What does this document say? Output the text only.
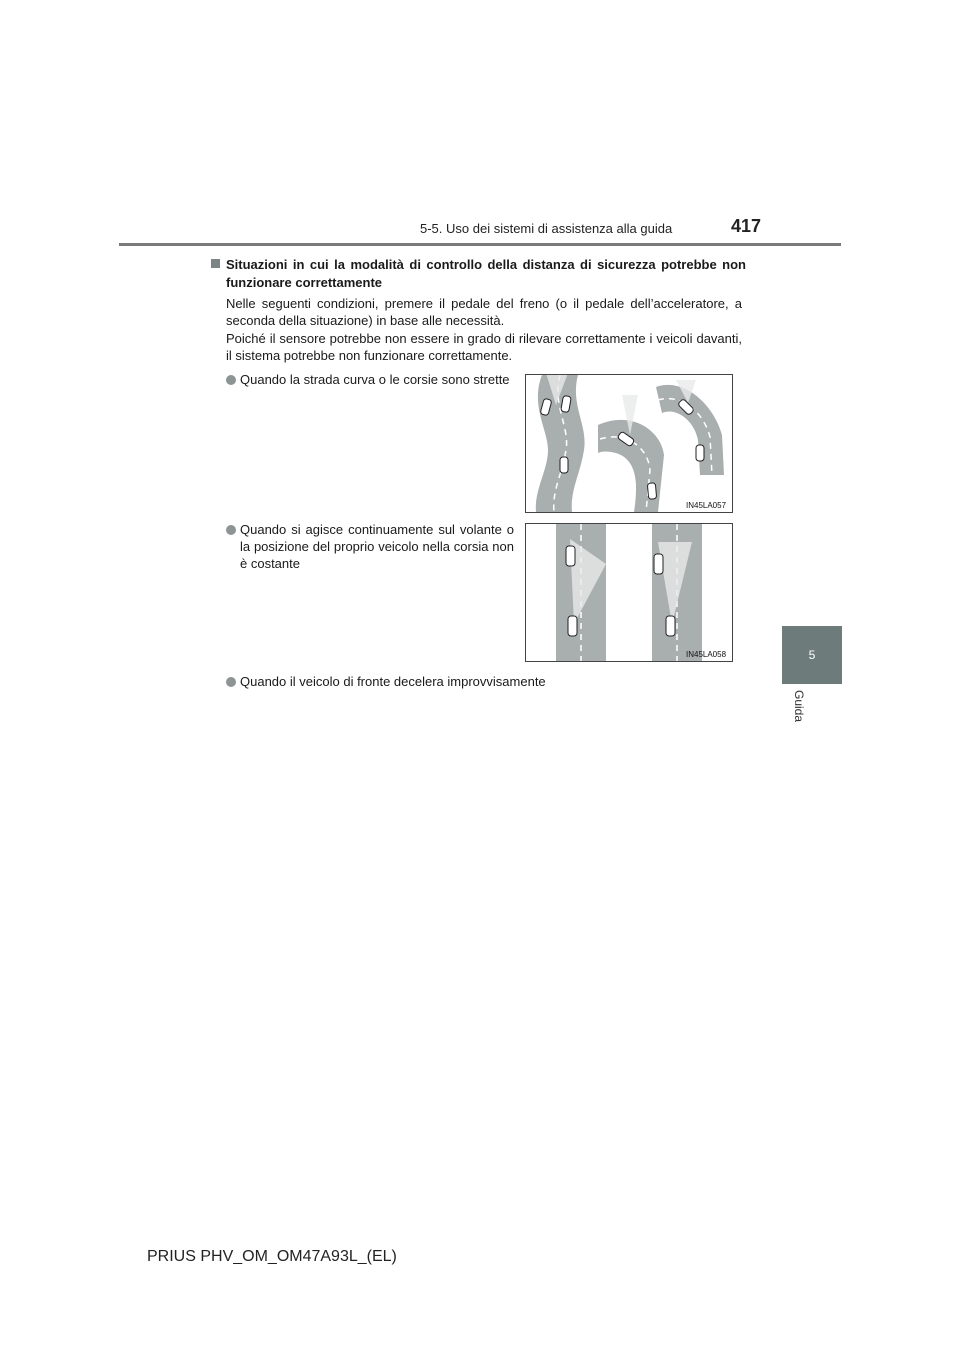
5-5. Uso dei sistemi di assistenza alla guida	417
5
Guida
Situazioni in cui la modalità di controllo della distanza di sicurezza potrebbe non funzionare correttamente
Nelle seguenti condizioni, premere il pedale del freno (o il pedale dell’acceleratore, a seconda della situazione) in base alle necessità.
Poiché il sensore potrebbe non essere in grado di rilevare correttamente i veicoli davanti, il sistema potrebbe non funzionare correttamente.
Quando la strada curva o le corsie sono strette
IN45LA057
Quando si agisce continuamente sul volante o la posizione del proprio veicolo nella corsia non è costante
IN45LA058
Quando il veicolo di fronte decelera improvvisamente
PRIUS PHV_OM_OM47A93L_(EL)
